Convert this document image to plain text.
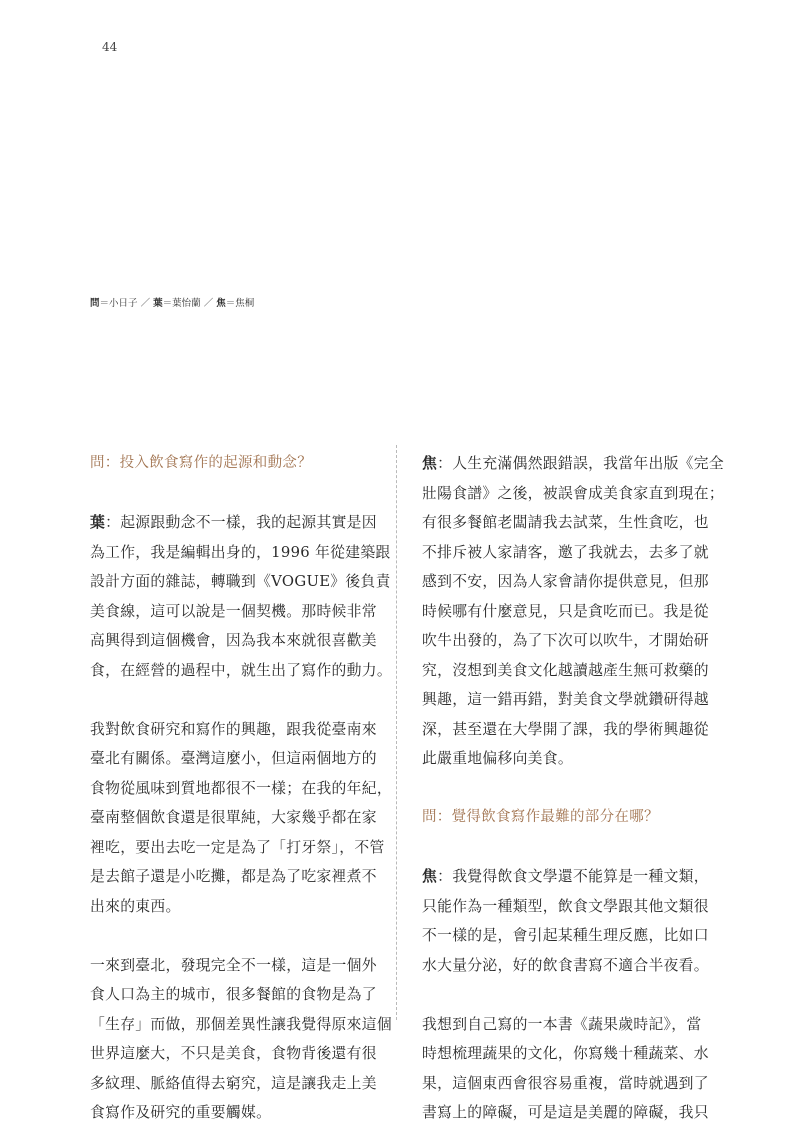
44
問＝小日子 ／ 葉＝葉怡蘭 ／ 焦＝焦桐
問：投入飲食寫作的起源和動念？
葉：起源跟動念不一樣，我的起源其實是因
為工作，我是編輯出身的，1996 年從建築跟
設計方面的雜誌，轉職到《VOGUE》後負責
美食線，這可以說是一個契機。那時候非常
高興得到這個機會，因為我本來就很喜歡美
食，在經營的過程中，就生出了寫作的動力。
我對飲食研究和寫作的興趣，跟我從臺南來
臺北有關係。臺灣這麼小，但這兩個地方的
食物從風味到質地都很不一樣；在我的年紀，
臺南整個飲食還是很單純，大家幾乎都在家
裡吃，要出去吃一定是為了「打牙祭」，不管
是去館子還是小吃攤，都是為了吃家裡煮不
出來的東西。
一來到臺北，發現完全不一樣，這是一個外
食人口為主的城市，很多餐館的食物是為了
「生存」而做，那個差異性讓我覺得原來這個
世界這麼大，不只是美食，食物背後還有很
多紋理、脈絡值得去窮究，這是讓我走上美
食寫作及研究的重要觸媒。
焦：人生充滿偶然跟錯誤，我當年出版《完全
壯陽食譜》之後，被誤會成美食家直到現在；
有很多餐館老闆請我去試菜，生性貪吃，也
不排斥被人家請客，邀了我就去，去多了就
感到不安，因為人家會請你提供意見，但那
時候哪有什麼意見，只是貪吃而已。我是從
吹牛出發的，為了下次可以吹牛，才開始研
究，沒想到美食文化越讀越產生無可救藥的
興趣，這一錯再錯，對美食文學就鑽研得越
深，甚至還在大學開了課，我的學術興趣從
此嚴重地偏移向美食。
問：覺得飲食寫作最難的部分在哪？
焦：我覺得飲食文學還不能算是一種文類，
只能作為一種類型，飲食文學跟其他文類很
不一樣的是，會引起某種生理反應，比如口
水大量分泌，好的飲食書寫不適合半夜看。
我想到自己寫的一本書《蔬果歲時記》，當
時想梳理蔬果的文化，你寫幾十種蔬菜、水
果，這個東西會很容易重複，當時就遇到了
書寫上的障礙，可是這是美麗的障礙，我只
